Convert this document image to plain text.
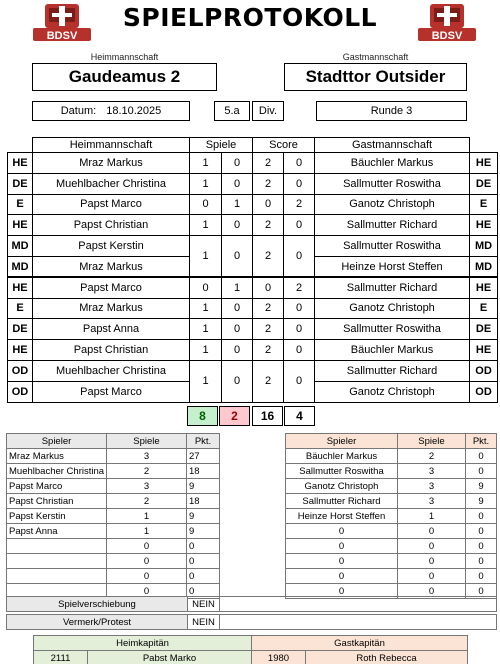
BDSV	BDSV
SPIELPROTOKOLL
Heimmannschaft
Gaudeamus 2
Gastmannschaft
Stadttor Outsider
Datum: 18.10.2025	5.a	Div.	Runde 3
	Heimmannschaft	Spiele		Score		Gastmannschaft	
HE	Mraz Markus	1	0	2	0	Bäuchler Markus	HE
DE	Muehlbacher Christina	1	0	2	0	Sallmutter Roswitha	DE
E	Papst Marco	0	1	0	2	Ganotz Christoph	E
HE	Papst Christian	1	0	2	0	Sallmutter Richard	HE
MD	Papst Kerstin	1	0	2	0	Sallmutter Roswitha	MD
MD	Mraz Markus					Heinze Horst Steffen	MD
HE	Papst Marco	0	1	0	2	Sallmutter Richard	HE
E	Mraz Markus	1	0	2	0	Ganotz Christoph	E
DE	Papst Anna	1	0	2	0	Sallmutter Roswitha	DE
HE	Papst Christian	1	0	2	0	Bäuchler Markus	HE
OD	Muehlbacher Christina	1	0	2	0	Sallmutter Richard	OD
OD	Papst Marco					Ganotz Christoph	OD
8	2	16	4
Spieler	Spiele	Pkt.
Mraz Markus	3	27
Muehlbacher Christina	2	18
Papst Marco	3	9
Papst Christian	2	18
Papst Kerstin	1	9
Papst Anna	1	9
	0	0
	0	0
	0	0
	0	0
Spieler	Spiele	Pkt.
Bäuchler Markus	2	0
Sallmutter Roswitha	3	0
Ganotz Christoph	3	9
Sallmutter Richard	3	9
Heinze Horst Steffen	1	0
0	0	0
0	0	0
0	0	0
0	0	0
0	0	0
Spielverschiebung	NEIN	
Vermerk/Protest	NEIN	
Heimkapitän		Gastkapitän	
2111	Pabst Marko	1980	Roth Rebecca
